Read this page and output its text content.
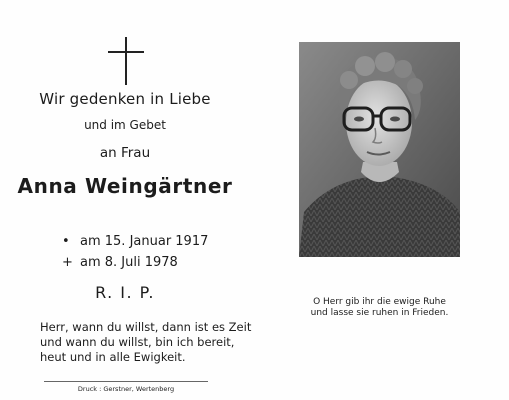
Wir gedenken in Liebe
und im Gebet
an Frau
Anna Weingärtner
• am 15. Januar 1917
+ am 8. Juli 1978
R. I. P.
Herr, wann du willst, dann ist es Zeit
und wann du willst, bin ich bereit,
heut und in alle Ewigkeit.
Druck : Gerstner, Wertenberg
O Herr gib ihr die ewige Ruhe
und lasse sie ruhen in Frieden.
